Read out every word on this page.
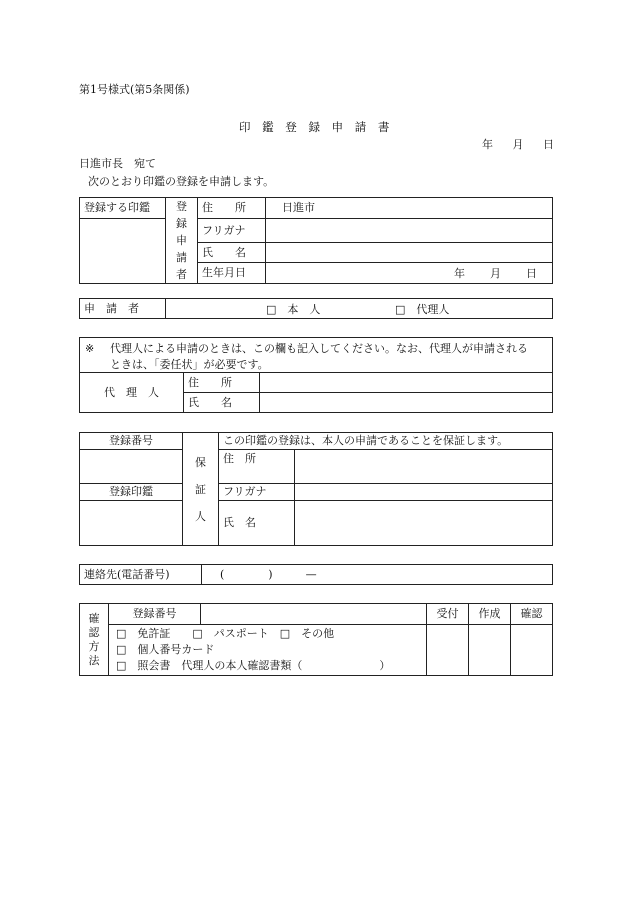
第1号様式(第5条関係)
印 鑑 登 録 申 請 書
年 月 日
日進市長　宛て
次のとおり印鑑の登録を申請します。
登録する印鑑	登録申請者	住　　所	日進市
		フリガナ	
		氏　　名	
		生年月日	年 月 日
申　請　者	□　本　人	□　代理人
※ 代理人による申請のときは、この欄も記入してください。なお、代理人が申請される
ときは、「委任状」が必要です。		

代　理　人	住　　所	
	氏　　名	
登録番号	保証人	この印鑑の登録は、本人の申請であることを保証します。	
		住　所	

登録印鑑		フリガナ	
		氏　名	
連絡先(電話番号)	(　　　　)　　　—
確認方法	登録番号		受付	作成	確認

	□　免許証　　□　パスポート　□　その他
□　個人番号カード
□　照会書　代理人の本人確認書類（　　　　　　　）				
